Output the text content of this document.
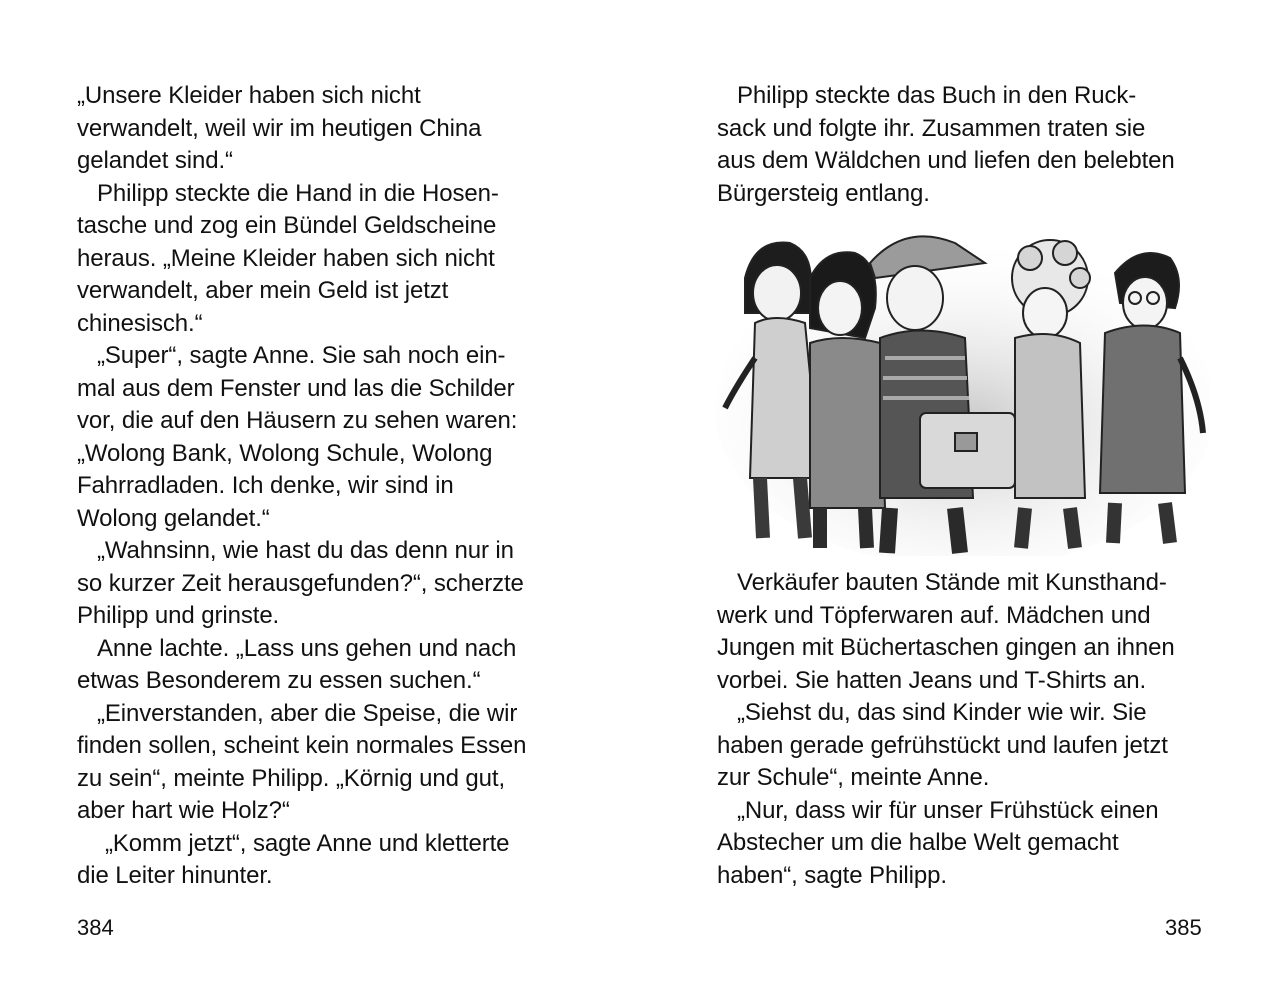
„Unsere Kleider haben sich nicht
verwandelt, weil wir im heutigen China
gelandet sind.“
Philipp steckte die Hand in die Hosen-
tasche und zog ein Bündel Geldscheine
heraus. „Meine Kleider haben sich nicht
verwandelt, aber mein Geld ist jetzt
chinesisch.“
„Super“, sagte Anne. Sie sah noch ein-
mal aus dem Fenster und las die Schilder
vor, die auf den Häusern zu sehen waren:
„Wolong Bank, Wolong Schule, Wolong
Fahrradladen. Ich denke, wir sind in
Wolong gelandet.“
„Wahnsinn, wie hast du das denn nur in
so kurzer Zeit herausgefunden?“, scherzte
Philipp und grinste.
Anne lachte. „Lass uns gehen und nach
etwas Besonderem zu essen suchen.“
„Einverstanden, aber die Speise, die wir
finden sollen, scheint kein normales Essen
zu sein“, meinte Philipp. „Körnig und gut,
aber hart wie Holz?“
„Komm jetzt“, sagte Anne und kletterte
die Leiter hinunter.
384
Philipp steckte das Buch in den Ruck-
sack und folgte ihr. Zusammen traten sie
aus dem Wäldchen und liefen den belebten
Bürgersteig entlang.
Verkäufer bauten Stände mit Kunsthand-
werk und Töpferwaren auf. Mädchen und
Jungen mit Büchertaschen gingen an ihnen
vorbei. Sie hatten Jeans und T-Shirts an.
„Siehst du, das sind Kinder wie wir. Sie
haben gerade gefrühstückt und laufen jetzt
zur Schule“, meinte Anne.
„Nur, dass wir für unser Frühstück einen
Abstecher um die halbe Welt gemacht
haben“, sagte Philipp.
385
